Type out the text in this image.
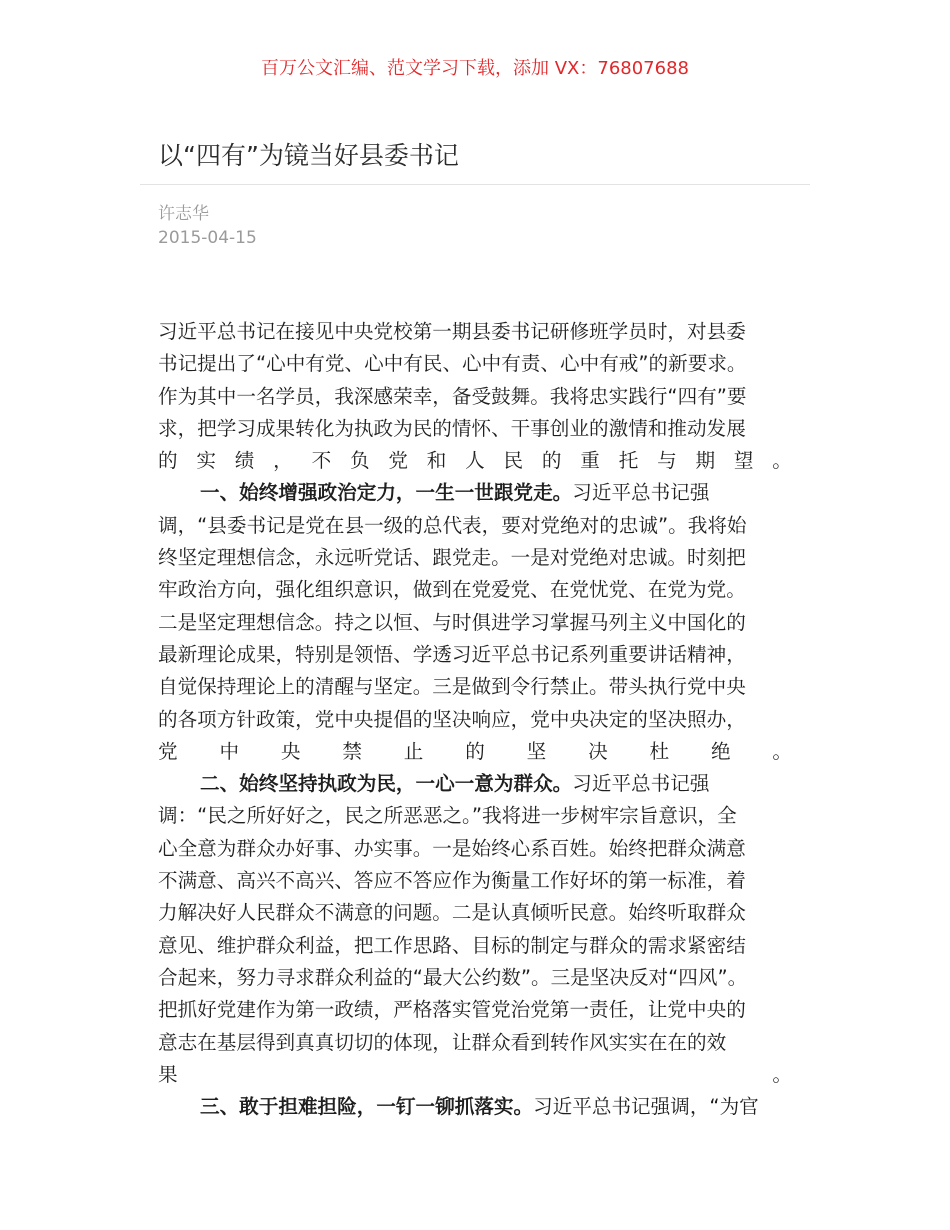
百万公文汇编、范文学习下载，添加 VX：76807688
以“四有”为镜当好县委书记
许志华
2015-04-15
习近平总书记在接见中央党校第一期县委书记研修班学员时，对县委
书记提出了“心中有党、心中有民、心中有责、心中有戒”的新要求。
作为其中一名学员，我深感荣幸，备受鼓舞。我将忠实践行“四有”要
求，把学习成果转化为执政为民的情怀、干事创业的激情和推动发展
的 实 绩 ， 不 负 党 和 人 民 的 重 托 与 期 望 。
一、始终增强政治定力，一生一世跟党走。习近平总书记强
调，“县委书记是党在县一级的总代表，要对党绝对的忠诚”。我将始
终坚定理想信念，永远听党话、跟党走。一是对党绝对忠诚。时刻把
牢政治方向，强化组织意识，做到在党爱党、在党忧党、在党为党。
二是坚定理想信念。持之以恒、与时俱进学习掌握马列主义中国化的
最新理论成果，特别是领悟、学透习近平总书记系列重要讲话精神，
自觉保持理论上的清醒与坚定。三是做到令行禁止。带头执行党中央
的各项方针政策，党中央提倡的坚决响应，党中央决定的坚决照办，
党 中 央 禁 止 的 坚 决 杜 绝 。
二、始终坚持执政为民，一心一意为群众。习近平总书记强
调：“民之所好好之，民之所恶恶之。”我将进一步树牢宗旨意识，全
心全意为群众办好事、办实事。一是始终心系百姓。始终把群众满意
不满意、高兴不高兴、答应不答应作为衡量工作好坏的第一标准，着
力解决好人民群众不满意的问题。二是认真倾听民意。始终听取群众
意见、维护群众利益，把工作思路、目标的制定与群众的需求紧密结
合起来，努力寻求群众利益的“最大公约数”。三是坚决反对“四风”。
把抓好党建作为第一政绩，严格落实管党治党第一责任，让党中央的
意志在基层得到真真切切的体现，让群众看到转作风实实在在的效
果	。
三、敢于担难担险，一钉一铆抓落实。习近平总书记强调，“为官
